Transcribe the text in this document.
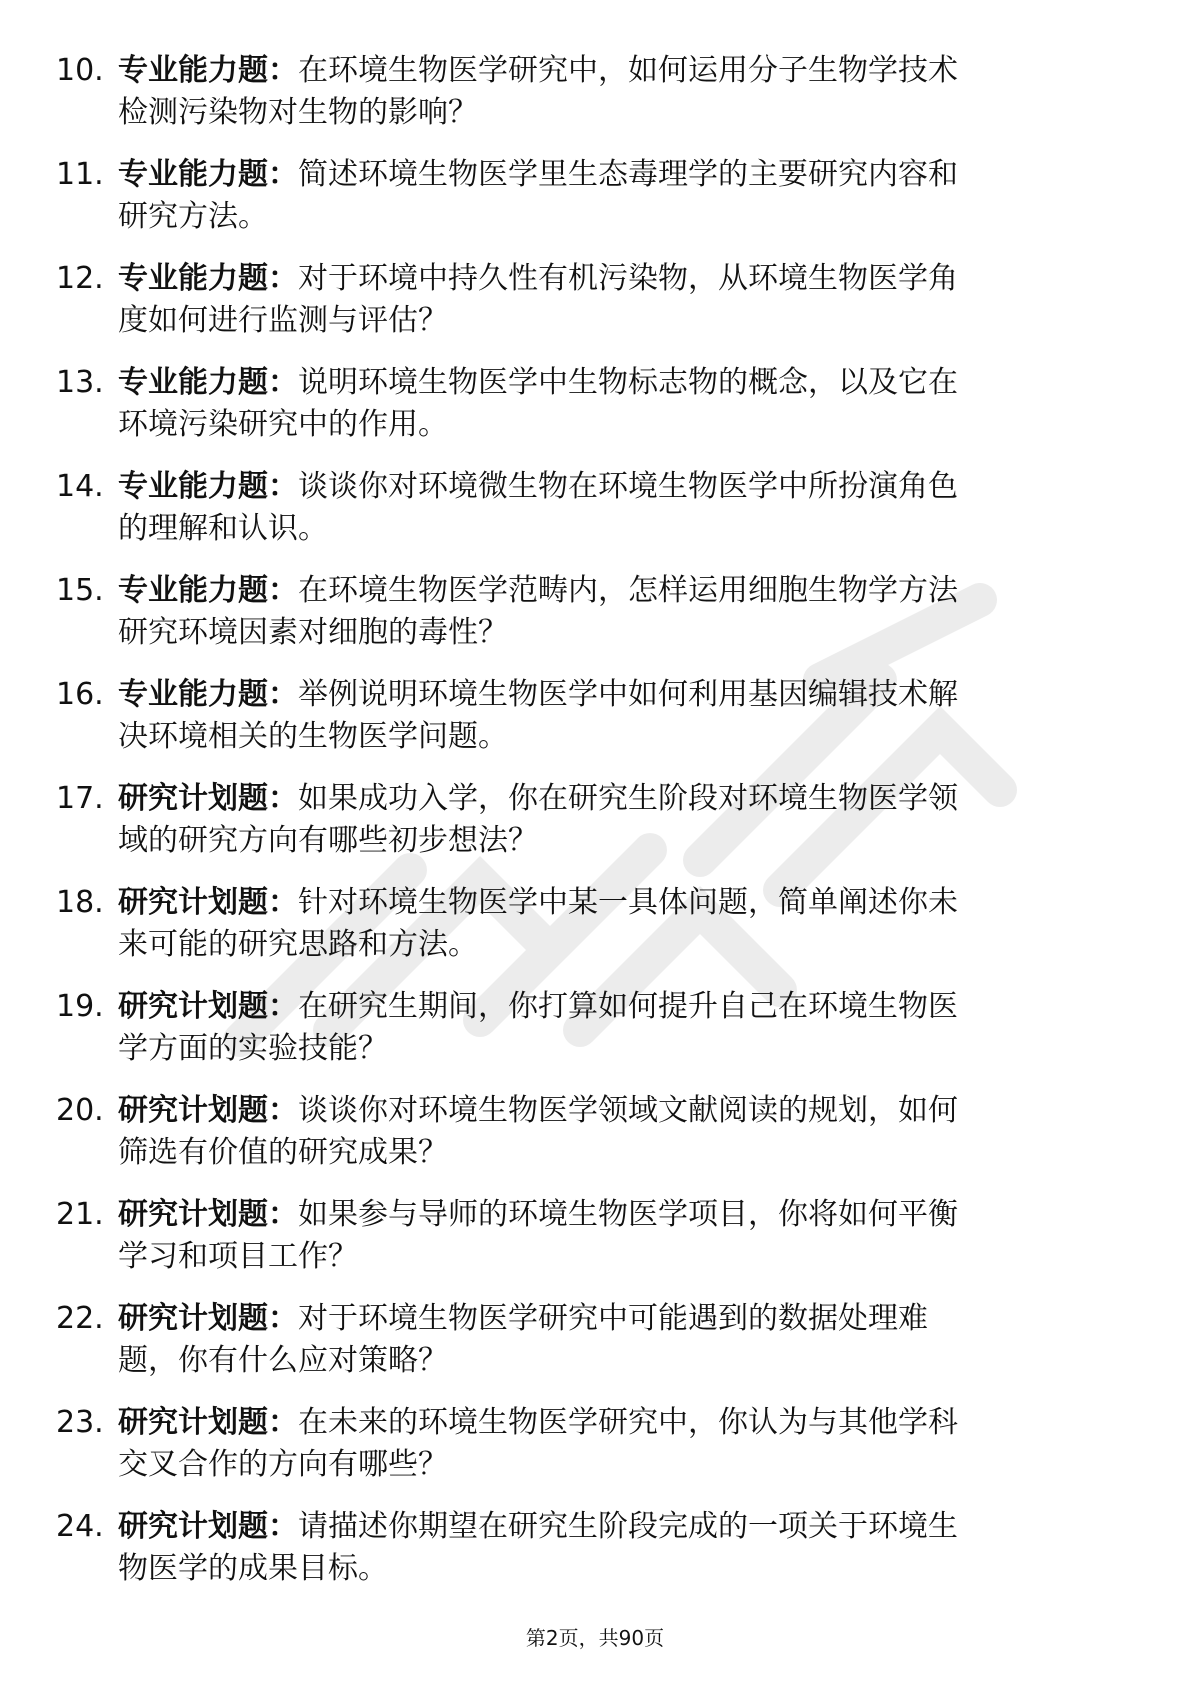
10. 专业能力题：在环境生物医学研究中，如何运用分子生物学技术
检测污染物对生物的影响？
11. 专业能力题：简述环境生物医学里生态毒理学的主要研究内容和
研究方法。
12. 专业能力题：对于环境中持久性有机污染物，从环境生物医学角
度如何进行监测与评估？
13. 专业能力题：说明环境生物医学中生物标志物的概念，以及它在
环境污染研究中的作用。
14. 专业能力题：谈谈你对环境微生物在环境生物医学中所扮演角色
的理解和认识。
15. 专业能力题：在环境生物医学范畴内，怎样运用细胞生物学方法
研究环境因素对细胞的毒性？
16. 专业能力题：举例说明环境生物医学中如何利用基因编辑技术解
决环境相关的生物医学问题。
17. 研究计划题：如果成功入学，你在研究生阶段对环境生物医学领
域的研究方向有哪些初步想法？
18. 研究计划题：针对环境生物医学中某一具体问题，简单阐述你未
来可能的研究思路和方法。
19. 研究计划题：在研究生期间，你打算如何提升自己在环境生物医
学方面的实验技能？
20. 研究计划题：谈谈你对环境生物医学领域文献阅读的规划，如何
筛选有价值的研究成果？
21. 研究计划题：如果参与导师的环境生物医学项目，你将如何平衡
学习和项目工作？
22. 研究计划题：对于环境生物医学研究中可能遇到的数据处理难
题，你有什么应对策略？
23. 研究计划题：在未来的环境生物医学研究中，你认为与其他学科
交叉合作的方向有哪些？
24. 研究计划题：请描述你期望在研究生阶段完成的一项关于环境生
物医学的成果目标。
第2页，共90页
